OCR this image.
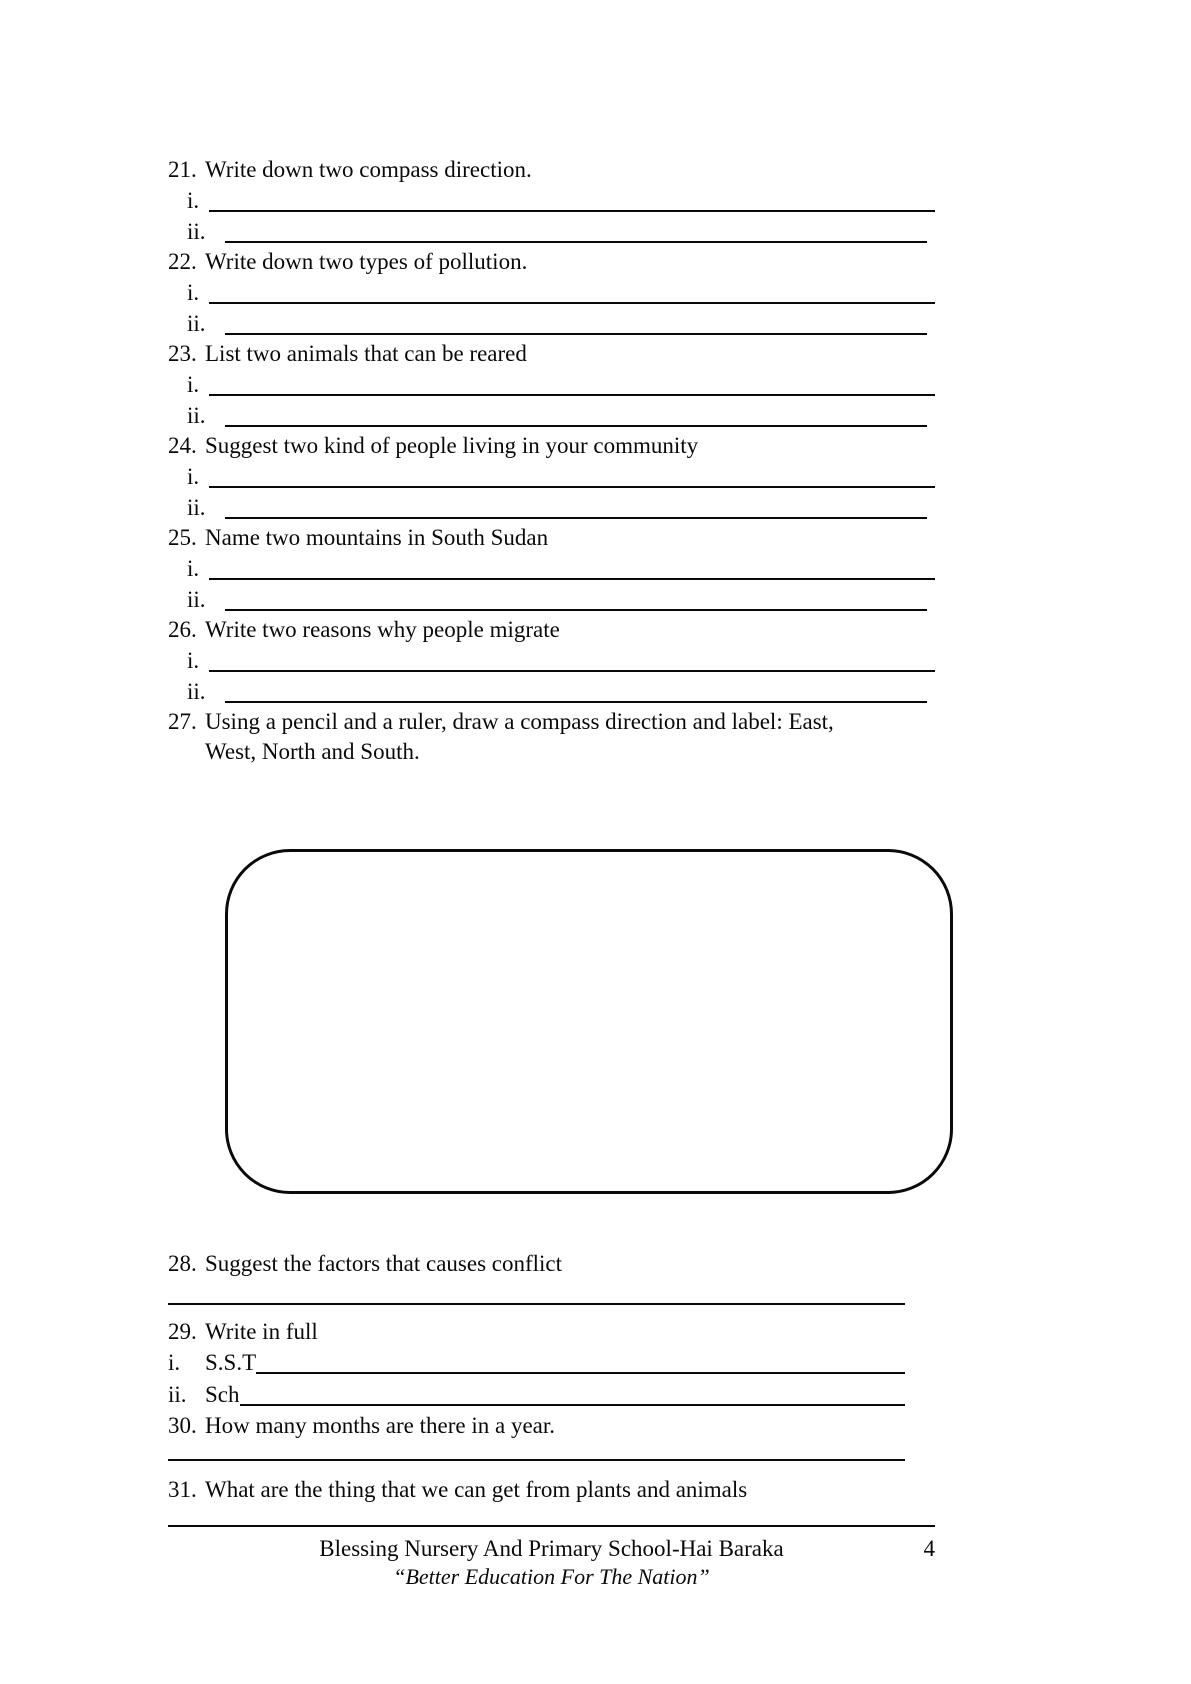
21. Write down two compass direction.

i.
ii.

22. Write down two types of pollution.

i.
ii.

23. List two animals that can be reared

i.
ii.

24. Suggest two kind of people living in your community

i.
ii.

25. Name two mountains in South Sudan

i.
ii.

26. Write two reasons why people migrate

i.
ii.

27. Using a pencil and a ruler, draw a compass direction and label: East,

West, North and South.

28. Suggest the factors that causes conflict

29. Write in full

i.	S.S.T
ii. Sch

30. How many months are there in a year.

31. What are the thing that we can get from plants and animals

Blessing Nursery And Primary School-Hai Baraka	4
“Better Education For The Nation”
